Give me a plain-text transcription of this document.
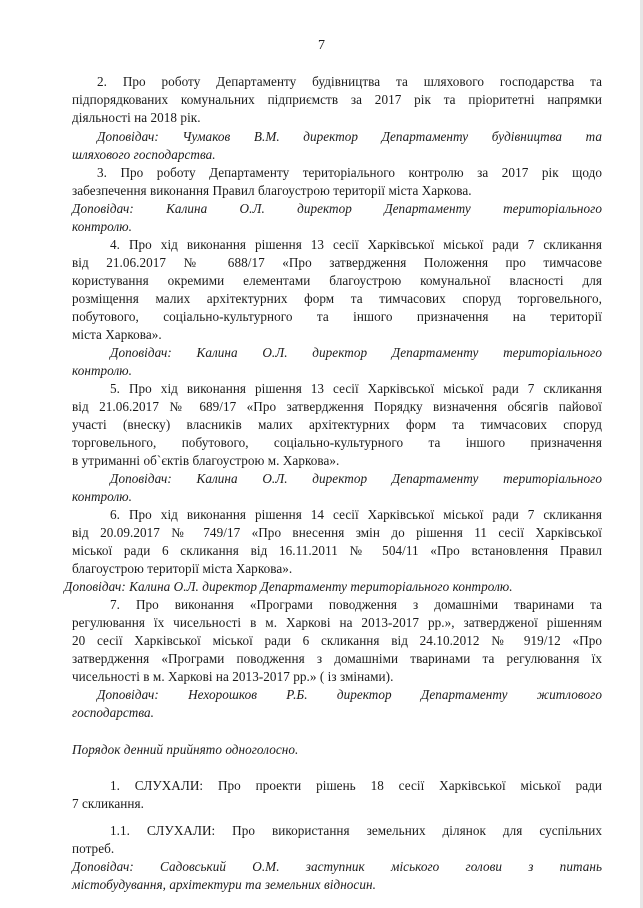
7
2. Про роботу Департаменту будівництва та шляхового господарства та
підпорядкованих комунальних підприємств за 2017 рік та пріоритетні напрямки
діяльності на 2018 рік.
Доповідач: Чумаков В.М. директор Департаменту будівництва та
шляхового господарства.
3. Про роботу Департаменту територіального контролю за 2017 рік щодо
забезпечення виконання Правил благоустрою території міста Харкова.
Доповідач: Калина О.Л. директор Департаменту територіального
контролю.
4. Про хід виконання рішення 13 сесії Харківської міської ради 7 скликання
від 21.06.2017 № 688/17 «Про затвердження Положення про тимчасове
користування окремими елементами благоустрою комунальної власності для
розміщення малих архітектурних форм та тимчасових споруд торговельного,
побутового, соціально-культурного та іншого призначення на території
міста Харкова».
Доповідач: Калина О.Л. директор Департаменту територіального
контролю.
5. Про хід виконання рішення 13 сесії Харківської міської ради 7 скликання
від 21.06.2017 № 689/17 «Про затвердження Порядку визначення обсягів пайової
участі (внеску) власників малих архітектурних форм та тимчасових споруд
торговельного, побутового, соціально-культурного та іншого призначення
в утриманні об`єктів благоустрою м. Харкова».
Доповідач: Калина О.Л. директор Департаменту територіального
контролю.
6. Про хід виконання рішення 14 сесії Харківської міської ради 7 скликання
від 20.09.2017 № 749/17 «Про внесення змін до рішення 11 сесії Харківської
міської ради 6 скликання від 16.11.2011 № 504/11 «Про встановлення Правил
благоустрою території міста Харкова».
Доповідач: Калина О.Л. директор Департаменту територіального контролю.
7. Про виконання «Програми поводження з домашніми тваринами та
регулювання їх чисельності в м. Харкові на 2013-2017 рр.», затвердженої рішенням
20 сесії Харківської міської ради 6 скликання від 24.10.2012 № 919/12 «Про
затвердження «Програми поводження з домашніми тваринами та регулювання їх
чисельності в м. Харкові на 2013-2017 рр.» ( із змінами).
Доповідач: Нехорошков Р.Б. директор Департаменту житлового
господарства.
Порядок денний прийнято одноголосно.
1. СЛУХАЛИ: Про проекти рішень 18 сесії Харківської міської ради
7 скликання.
1.1. СЛУХАЛИ: Про використання земельних ділянок для суспільних
потреб.
Доповідач: Садовський О.М. заступник міського голови з питань
містобудування, архітектури та земельних відносин.
